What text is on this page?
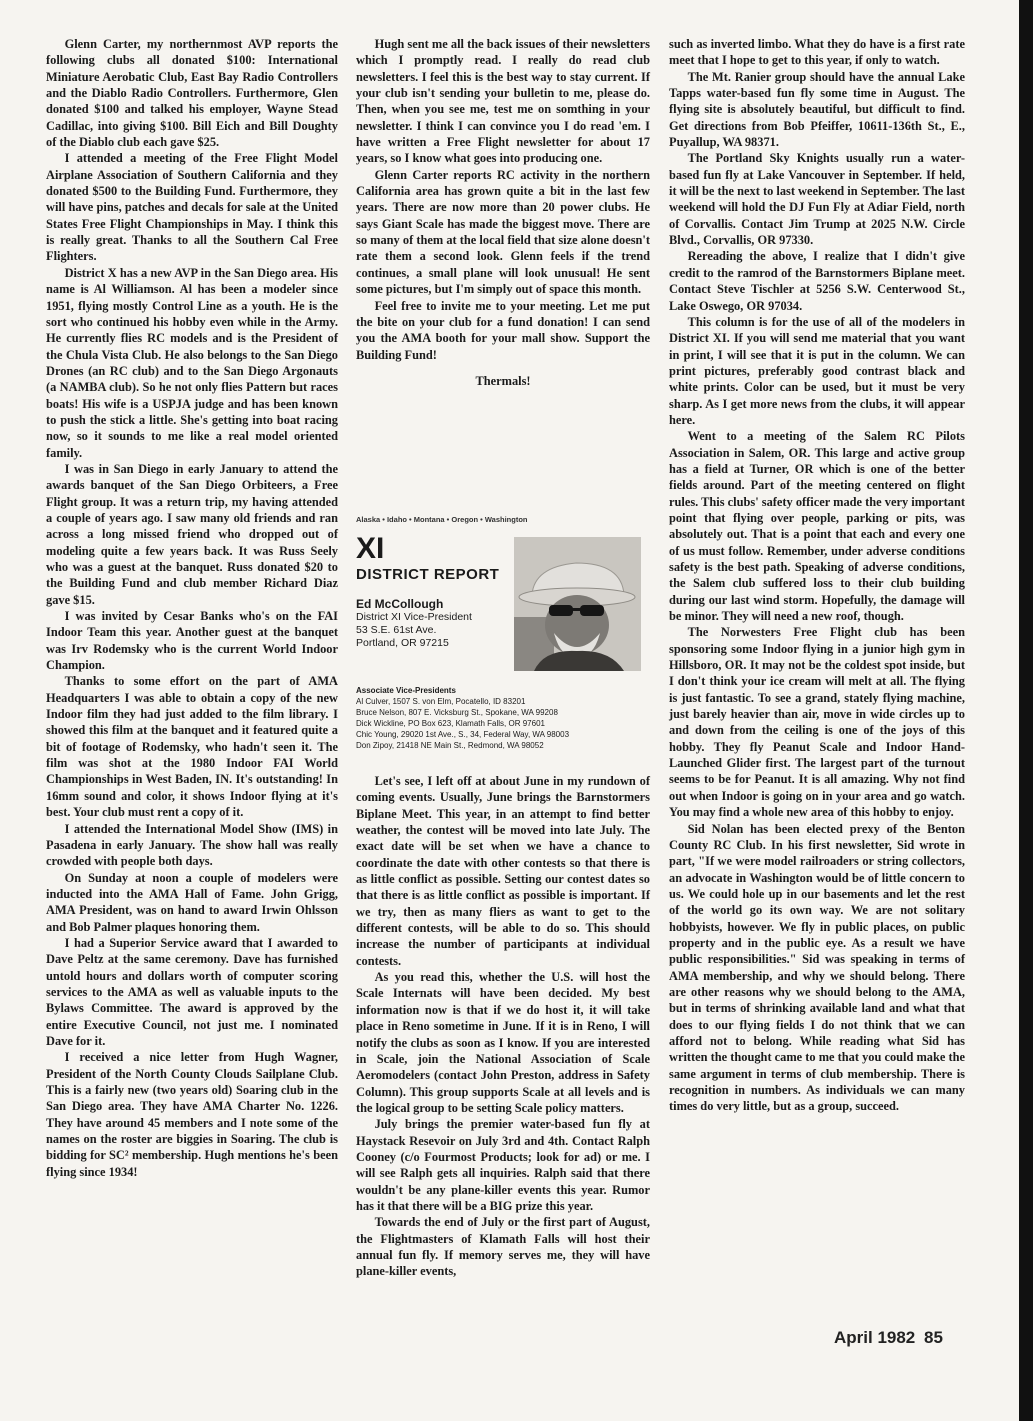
Glenn Carter, my northernmost AVP reports the following clubs all donated $100: International Miniature Aerobatic Club, East Bay Radio Controllers and the Diablo Radio Controllers. Furthermore, Glen donated $100 and talked his employer, Wayne Stead Cadillac, into giving $100. Bill Eich and Bill Doughty of the Diablo club each gave $25.

I attended a meeting of the Free Flight Model Airplane Association of Southern California and they donated $500 to the Building Fund. Furthermore, they will have pins, patches and decals for sale at the United States Free Flight Championships in May. I think this is really great. Thanks to all the Southern Cal Free Flighters.

District X has a new AVP in the San Diego area. His name is Al Williamson. Al has been a modeler since 1951, flying mostly Control Line as a youth. He is the sort who continued his hobby even while in the Army. He currently flies RC models and is the President of the Chula Vista Club. He also belongs to the San Diego Drones (an RC club) and to the San Diego Argonauts (a NAMBA club). So he not only flies Pattern but races boats! His wife is a USPJA judge and has been known to push the stick a little. She's getting into boat racing now, so it sounds to me like a real model oriented family.

I was in San Diego in early January to attend the awards banquet of the San Diego Orbiteers, a Free Flight group. It was a return trip, my having attended a couple of years ago. I saw many old friends and ran across a long missed friend who dropped out of modeling quite a few years back. It was Russ Seely who was a guest at the banquet. Russ donated $20 to the Building Fund and club member Richard Diaz gave $15.

I was invited by Cesar Banks who's on the FAI Indoor Team this year. Another guest at the banquet was Irv Rodemsky who is the current World Indoor Champion.

Thanks to some effort on the part of AMA Headquarters I was able to obtain a copy of the new Indoor film they had just added to the film library. I showed this film at the banquet and it featured quite a bit of footage of Rodemsky, who hadn't seen it. The film was shot at the 1980 Indoor FAI World Championships in West Baden, IN. It's outstanding! In 16mm sound and color, it shows Indoor flying at it's best. Your club must rent a copy of it.

I attended the International Model Show (IMS) in Pasadena in early January. The show hall was really crowded with people both days.

On Sunday at noon a couple of modelers were inducted into the AMA Hall of Fame. John Grigg, AMA President, was on hand to award Irwin Ohlsson and Bob Palmer plaques honoring them.

I had a Superior Service award that I awarded to Dave Peltz at the same ceremony. Dave has furnished untold hours and dollars worth of computer scoring services to the AMA as well as valuable inputs to the Bylaws Committee. The award is approved by the entire Executive Council, not just me. I nominated Dave for it.

I received a nice letter from Hugh Wagner, President of the North County Clouds Sailplane Club. This is a fairly new (two years old) Soaring club in the San Diego area. They have AMA Charter No. 1226. They have around 45 members and I note some of the names on the roster are biggies in Soaring. The club is bidding for SC² membership. Hugh mentions he's been flying since 1934!

Hugh sent me all the back issues of their newsletters which I promptly read. I really do read club newsletters. I feel this is the best way to stay current. If your club isn't sending your bulletin to me, please do. Then, when you see me, test me on somthing in your newsletter. I think I can convince you I do read 'em. I have written a Free Flight newsletter for about 17 years, so I know what goes into producing one.

Glenn Carter reports RC activity in the northern California area has grown quite a bit in the last few years. There are now more than 20 power clubs. He says Giant Scale has made the biggest move. There are so many of them at the local field that size alone doesn't rate them a second look. Glenn feels if the trend continues, a small plane will look unusual! He sent some pictures, but I'm simply out of space this month.

Feel free to invite me to your meeting. Let me put the bite on your club for a fund donation! I can send you the AMA booth for your mall show. Support the Building Fund!

Thermals!

Let's see, I left off at about June in my rundown of coming events. Usually, June brings the Barnstormers Biplane Meet. This year, in an attempt to find better weather, the contest will be moved into late July. The exact date will be set when we have a chance to coordinate the date with other contests so that there is as little conflict as possible. Setting our contest dates so that there is as little conflict as possible is important. If we try, then as many fliers as want to get to the different contests, will be able to do so. This should increase the number of participants at individual contests.

As you read this, whether the U.S. will host the Scale Internats will have been decided. My best information now is that if we do host it, it will take place in Reno sometime in June. If it is in Reno, I will notify the clubs as soon as I know. If you are interested in Scale, join the National Association of Scale Aeromodelers (contact John Preston, address in Safety Column). This group supports Scale at all levels and is the logical group to be setting Scale policy matters.

July brings the premier water-based fun fly at Haystack Resevoir on July 3rd and 4th. Contact Ralph Cooney (c/o Fourmost Products; look for ad) or me. I will see Ralph gets all inquiries. Ralph said that there wouldn't be any plane-killer events this year. Rumor has it that there will be a BIG prize this year.

Towards the end of July or the first part of August, the Flightmasters of Klamath Falls will host their annual fun fly. If memory serves me, they will have plane-killer events,

Alaska • Idaho • Montana • Oregon • Washington
XI
DISTRICT REPORT
Ed McCollough
District XI Vice-President
53 S.E. 61st Ave.
Portland, OR 97215
Associate Vice-Presidents
Al Culver, 1507 S. von Elm, Pocatello, ID 83201
Bruce Nelson, 807 E. Vicksburg St., Spokane, WA 99208
Dick Wickline, PO Box 623, Klamath Falls, OR 97601
Chic Young, 29020 1st Ave., S., 34, Federal Way, WA 98003
Don Zipoy, 21418 NE Main St., Redmond, WA 98052

such as inverted limbo. What they do have is a first rate meet that I hope to get to this year, if only to watch.

The Mt. Ranier group should have the annual Lake Tapps water-based fun fly some time in August. The flying site is absolutely beautiful, but difficult to find. Get directions from Bob Pfeiffer, 10611-136th St., E., Puyallup, WA 98371.

The Portland Sky Knights usually run a water-based fun fly at Lake Vancouver in September. If held, it will be the next to last weekend in September. The last weekend will hold the DJ Fun Fly at Adiar Field, north of Corvallis. Contact Jim Trump at 2025 N.W. Circle Blvd., Corvallis, OR 97330.

Rereading the above, I realize that I didn't give credit to the ramrod of the Barnstormers Biplane meet. Contact Steve Tischler at 5256 S.W. Centerwood St., Lake Oswego, OR 97034.

This column is for the use of all of the modelers in District XI. If you will send me material that you want in print, I will see that it is put in the column. We can print pictures, preferably good contrast black and white prints. Color can be used, but it must be very sharp. As I get more news from the clubs, it will appear here.

Went to a meeting of the Salem RC Pilots Association in Salem, OR. This large and active group has a field at Turner, OR which is one of the better fields around. Part of the meeting centered on flight rules. This clubs' safety officer made the very important point that flying over people, parking or pits, was absolutely out. That is a point that each and every one of us must follow. Remember, under adverse conditions safety is the best path. Speaking of adverse conditions, the Salem club suffered loss to their club building during our last wind storm. Hopefully, the damage will be minor. They will need a new roof, though.

The Norwesters Free Flight club has been sponsoring some Indoor flying in a junior high gym in Hillsboro, OR. It may not be the coldest spot inside, but I don't think your ice cream will melt at all. The flying is just fantastic. To see a grand, stately flying machine, just barely heavier than air, move in wide circles up to and down from the ceiling is one of the joys of this hobby. They fly Peanut Scale and Indoor Hand-Launched Glider first. The largest part of the turnout seems to be for Peanut. It is all amazing. Why not find out when Indoor is going on in your area and go watch. You may find a whole new area of this hobby to enjoy.

Sid Nolan has been elected prexy of the Benton County RC Club. In his first newsletter, Sid wrote in part, "If we were model railroaders or string collectors, an advocate in Washington would be of little concern to us. We could hole up in our basements and let the rest of the world go its own way. We are not solitary hobbyists, however. We fly in public places, on public property and in the public eye. As a result we have public responsibilities." Sid was speaking in terms of AMA membership, and why we should belong. There are other reasons why we should belong to the AMA, but in terms of shrinking available land and what that does to our flying fields I do not think that we can afford not to belong. While reading what Sid has written the thought came to me that you could make the same argument in terms of club membership. There is recognition in numbers. As individuals we can many times do very little, but as a group, succeed.

April 1982 85
